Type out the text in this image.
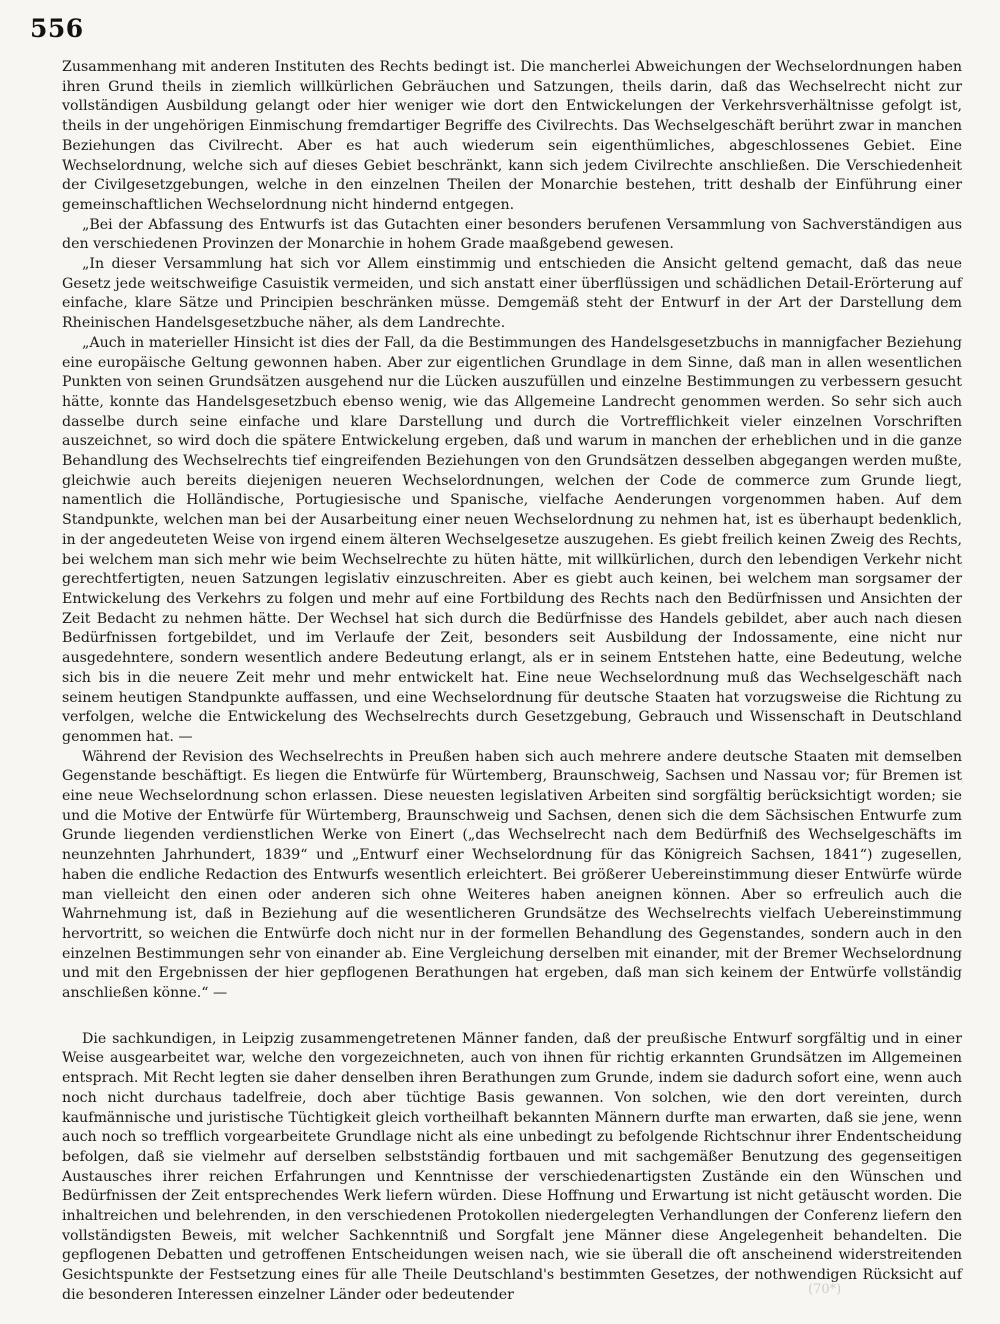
556

Zusammenhang mit anderen Instituten des Rechts bedingt ist. Die mancherlei Abweichungen der Wechselordnungen haben ihren Grund theils in ziemlich willkürlichen Gebräuchen und Satzungen, theils darin, daß das Wechselrecht nicht zur vollständigen Ausbildung gelangt oder hier weniger wie dort den Entwickelungen der Verkehrsverhältnisse gefolgt ist, theils in der ungehörigen Einmischung fremdartiger Begriffe des Civilrechts. Das Wechselgeschäft berührt zwar in manchen Beziehungen das Civilrecht. Aber es hat auch wiederum sein eigenthümliches, abgeschlossenes Gebiet. Eine Wechselordnung, welche sich auf dieses Gebiet beschränkt, kann sich jedem Civilrechte anschließen. Die Verschiedenheit der Civilgesetzgebungen, welche in den einzelnen Theilen der Monarchie bestehen, tritt deshalb der Einführung einer gemeinschaftlichen Wechselordnung nicht hindernd entgegen.

„Bei der Abfassung des Entwurfs ist das Gutachten einer besonders berufenen Versammlung von Sachverständigen aus den verschiedenen Provinzen der Monarchie in hohem Grade maaßgebend gewesen.

„In dieser Versammlung hat sich vor Allem einstimmig und entschieden die Ansicht geltend gemacht, daß das neue Gesetz jede weitschweifige Casuistik vermeiden, und sich anstatt einer überflüssigen und schädlichen Detail-Erörterung auf einfache, klare Sätze und Principien beschränken müsse. Demgemäß steht der Entwurf in der Art der Darstellung dem Rheinischen Handelsgesetzbuche näher, als dem Landrechte.

„Auch in materieller Hinsicht ist dies der Fall, da die Bestimmungen des Handelsgesetzbuchs in mannigfacher Beziehung eine europäische Geltung gewonnen haben. Aber zur eigentlichen Grundlage in dem Sinne, daß man in allen wesentlichen Punkten von seinen Grundsätzen ausgehend nur die Lücken auszufüllen und einzelne Bestimmungen zu verbessern gesucht hätte, konnte das Handelsgesetzbuch ebenso wenig, wie das Allgemeine Landrecht genommen werden. So sehr sich auch dasselbe durch seine einfache und klare Darstellung und durch die Vortrefflichkeit vieler einzelnen Vorschriften auszeichnet, so wird doch die spätere Entwickelung ergeben, daß und warum in manchen der erheblichen und in die ganze Behandlung des Wechselrechts tief eingreifenden Beziehungen von den Grundsätzen desselben abgegangen werden mußte, gleichwie auch bereits diejenigen neueren Wechselordnungen, welchen der Code de commerce zum Grunde liegt, namentlich die Holländische, Portugiesische und Spanische, vielfache Aenderungen vorgenommen haben. Auf dem Standpunkte, welchen man bei der Ausarbeitung einer neuen Wechselordnung zu nehmen hat, ist es überhaupt bedenklich, in der angedeuteten Weise von irgend einem älteren Wechselgesetze auszugehen. Es giebt freilich keinen Zweig des Rechts, bei welchem man sich mehr wie beim Wechselrechte zu hüten hätte, mit willkürlichen, durch den lebendigen Verkehr nicht gerechtfertigten, neuen Satzungen legislativ einzuschreiten. Aber es giebt auch keinen, bei welchem man sorgsamer der Entwickelung des Verkehrs zu folgen und mehr auf eine Fortbildung des Rechts nach den Bedürfnissen und Ansichten der Zeit Bedacht zu nehmen hätte. Der Wechsel hat sich durch die Bedürfnisse des Handels gebildet, aber auch nach diesen Bedürfnissen fortgebildet, und im Verlaufe der Zeit, besonders seit Ausbildung der Indossamente, eine nicht nur ausgedehntere, sondern wesentlich andere Bedeutung erlangt, als er in seinem Entstehen hatte, eine Bedeutung, welche sich bis in die neuere Zeit mehr und mehr entwickelt hat. Eine neue Wechselordnung muß das Wechselgeschäft nach seinem heutigen Standpunkte auffassen, und eine Wechselordnung für deutsche Staaten hat vorzugsweise die Richtung zu verfolgen, welche die Entwickelung des Wechselrechts durch Gesetzgebung, Gebrauch und Wissenschaft in Deutschland genommen hat. —

Während der Revision des Wechselrechts in Preußen haben sich auch mehrere andere deutsche Staaten mit demselben Gegenstande beschäftigt. Es liegen die Entwürfe für Würtemberg, Braunschweig, Sachsen und Nassau vor; für Bremen ist eine neue Wechselordnung schon erlassen. Diese neuesten legislativen Arbeiten sind sorgfältig berücksichtigt worden; sie und die Motive der Entwürfe für Würtemberg, Braunschweig und Sachsen, denen sich die dem Sächsischen Entwurfe zum Grunde liegenden verdienstlichen Werke von Einert („das Wechselrecht nach dem Bedürfniß des Wechselgeschäfts im neunzehnten Jahrhundert, 1839“ und „Entwurf einer Wechselordnung für das Königreich Sachsen, 1841“) zugesellen, haben die endliche Redaction des Entwurfs wesentlich erleichtert. Bei größerer Uebereinstimmung dieser Entwürfe würde man vielleicht den einen oder anderen sich ohne Weiteres haben aneignen können. Aber so erfreulich auch die Wahrnehmung ist, daß in Beziehung auf die wesentlicheren Grundsätze des Wechselrechts vielfach Uebereinstimmung hervortritt, so weichen die Entwürfe doch nicht nur in der formellen Behandlung des Gegenstandes, sondern auch in den einzelnen Bestimmungen sehr von einander ab. Eine Vergleichung derselben mit einander, mit der Bremer Wechselordnung und mit den Ergebnissen der hier gepflogenen Berathungen hat ergeben, daß man sich keinem der Entwürfe vollständig anschließen könne.“ —

Die sachkundigen, in Leipzig zusammengetretenen Männer fanden, daß der preußische Entwurf sorgfältig und in einer Weise ausgearbeitet war, welche den vorgezeichneten, auch von ihnen für richtig erkannten Grundsätzen im Allgemeinen entsprach. Mit Recht legten sie daher denselben ihren Berathungen zum Grunde, indem sie dadurch sofort eine, wenn auch noch nicht durchaus tadelfreie, doch aber tüchtige Basis gewannen. Von solchen, wie den dort vereinten, durch kaufmännische und juristische Tüchtigkeit gleich vortheilhaft bekannten Männern durfte man erwarten, daß sie jene, wenn auch noch so trefflich vorgearbeitete Grundlage nicht als eine unbedingt zu befolgende Richtschnur ihrer Endentscheidung befolgen, daß sie vielmehr auf derselben selbstständig fortbauen und mit sachgemäßer Benutzung des gegenseitigen Austausches ihrer reichen Erfahrungen und Kenntnisse der verschiedenartigsten Zustände ein den Wünschen und Bedürfnissen der Zeit entsprechendes Werk liefern würden. Diese Hoffnung und Erwartung ist nicht getäuscht worden. Die inhaltreichen und belehrenden, in den verschiedenen Protokollen niedergelegten Verhandlungen der Conferenz liefern den vollständigsten Beweis, mit welcher Sachkenntniß und Sorgfalt jene Männer diese Angelegenheit behandelten. Die gepflogenen Debatten und getroffenen Entscheidungen weisen nach, wie sie überall die oft anscheinend widerstreitenden Gesichtspunkte der Festsetzung eines für alle Theile Deutschland's bestimmten Gesetzes, der nothwendigen Rücksicht auf die besonderen Interessen einzelner Länder oder bedeutender	(70*)
